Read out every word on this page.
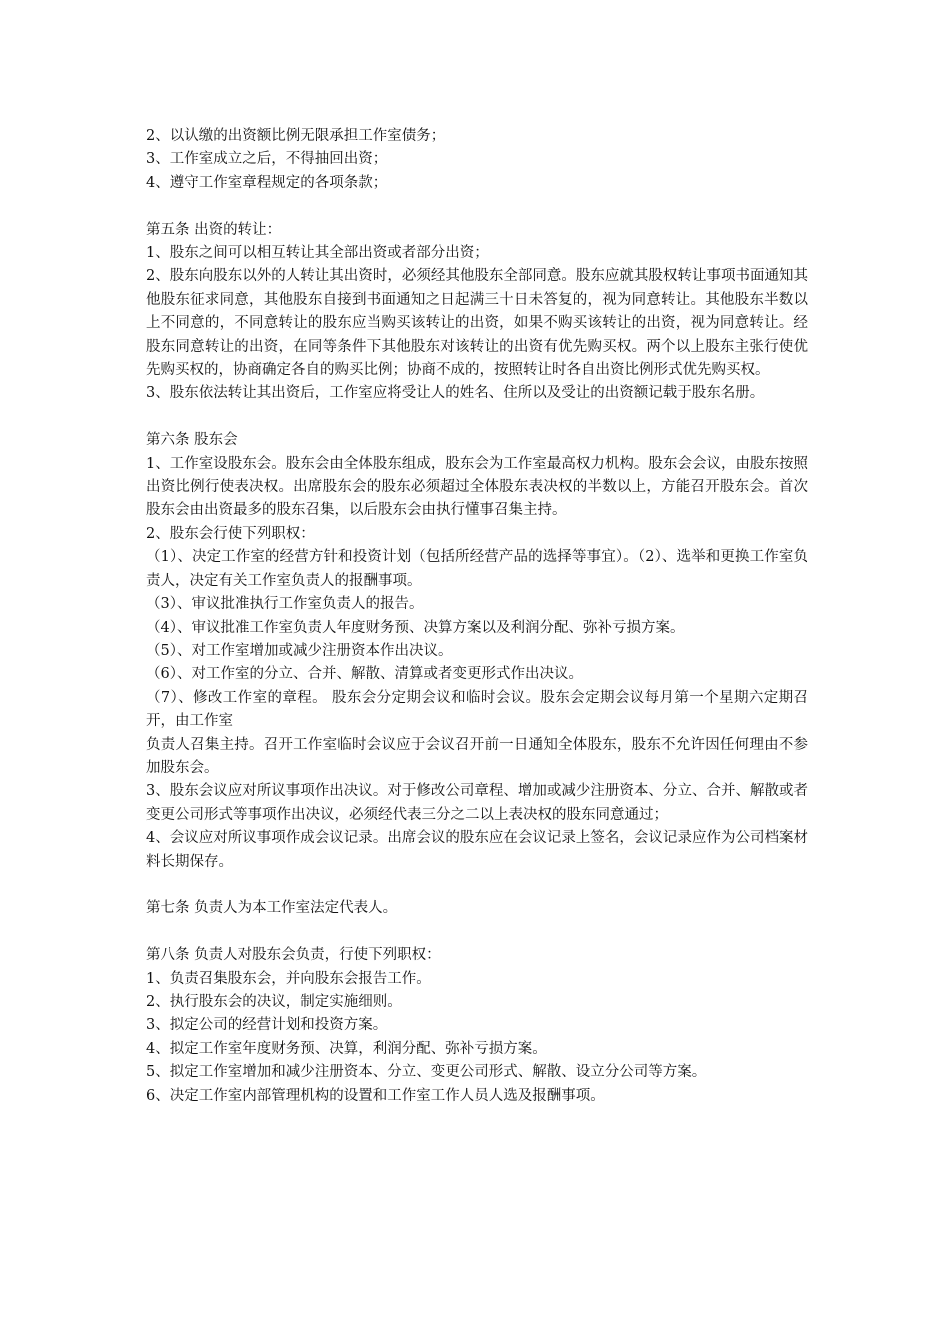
2、以认缴的出资额比例无限承担工作室债务；
3、工作室成立之后，不得抽回出资；
4、遵守工作室章程规定的各项条款；
第五条 出资的转让：
1、股东之间可以相互转让其全部出资或者部分出资；
2、股东向股东以外的人转让其出资时，必须经其他股东全部同意。股东应就其股权转让事项书面通知其他股东征求同意，其他股东自接到书面通知之日起满三十日未答复的，视为同意转让。其他股东半数以上不同意的，不同意转让的股东应当购买该转让的出资，如果不购买该转让的出资，视为同意转让。经股东同意转让的出资，在同等条件下其他股东对该转让的出资有优先购买权。两个以上股东主张行使优先购买权的，协商确定各自的购买比例；协商不成的，按照转让时各自出资比例形式优先购买权。
3、股东依法转让其出资后，工作室应将受让人的姓名、住所以及受让的出资额记载于股东名册。
第六条 股东会
1、工作室设股东会。股东会由全体股东组成，股东会为工作室最高权力机构。股东会会议，由股东按照出资比例行使表决权。出席股东会的股东必须超过全体股东表决权的半数以上，方能召开股东会。首次股东会由出资最多的股东召集，以后股东会由执行懂事召集主持。
2、股东会行使下列职权：
（1）、决定工作室的经营方针和投资计划（包括所经营产品的选择等事宜）。（2）、选举和更换工作室负责人，决定有关工作室负责人的报酬事项。
（3）、审议批准执行工作室负责人的报告。
（4）、审议批准工作室负责人年度财务预、决算方案以及利润分配、弥补亏损方案。
（5）、对工作室增加或减少注册资本作出决议。
（6）、对工作室的分立、合并、解散、清算或者变更形式作出决议。
（7）、修改工作室的章程。 股东会分定期会议和临时会议。股东会定期会议每月第一个星期六定期召开，由工作室
负责人召集主持。召开工作室临时会议应于会议召开前一日通知全体股东，股东不允许因任何理由不参加股东会。
3、股东会议应对所议事项作出决议。对于修改公司章程、增加或减少注册资本、分立、合并、解散或者变更公司形式等事项作出决议，必须经代表三分之二以上表决权的股东同意通过；
4、会议应对所议事项作成会议记录。出席会议的股东应在会议记录上签名，会议记录应作为公司档案材料长期保存。
第七条 负责人为本工作室法定代表人。
第八条 负责人对股东会负责，行使下列职权：
1、负责召集股东会，并向股东会报告工作。
2、执行股东会的决议，制定实施细则。
3、拟定公司的经营计划和投资方案。
4、拟定工作室年度财务预、决算，利润分配、弥补亏损方案。
5、拟定工作室增加和减少注册资本、分立、变更公司形式、解散、设立分公司等方案。
6、决定工作室内部管理机构的设置和工作室工作人员人选及报酬事项。
